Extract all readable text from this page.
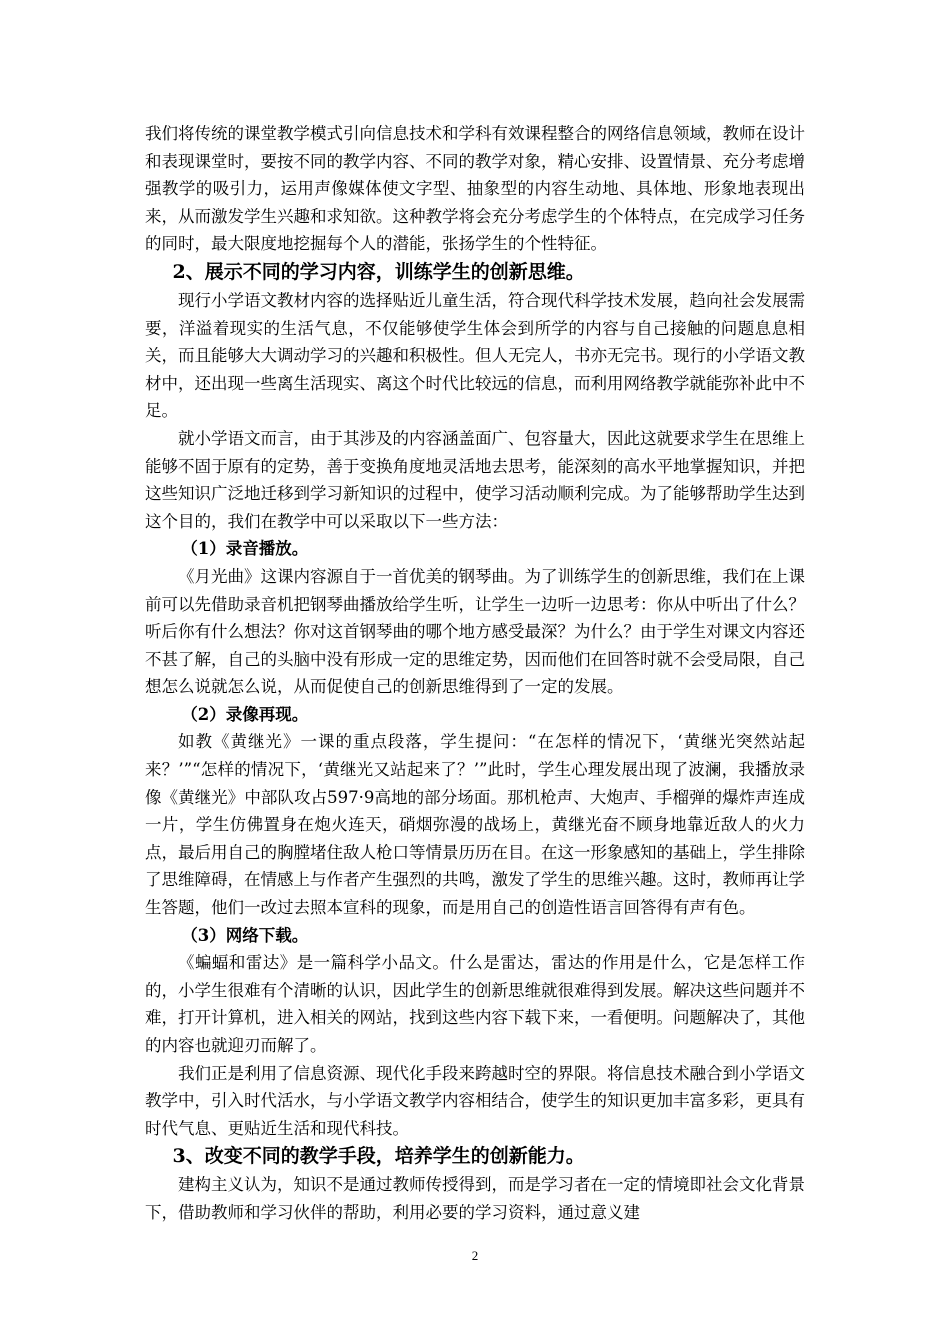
我们将传统的课堂教学模式引向信息技术和学科有效课程整合的网络信息领域，教师在设计和表现课堂时，要按不同的教学内容、不同的教学对象，精心安排、设置情景、充分考虑增强教学的吸引力，运用声像媒体使文字型、抽象型的内容生动地、具体地、形象地表现出来，从而激发学生兴趣和求知欲。这种教学将会充分考虑学生的个体特点，在完成学习任务的同时，最大限度地挖掘每个人的潜能，张扬学生的个性特征。

2、展示不同的学习内容，训练学生的创新思维。

现行小学语文教材内容的选择贴近儿童生活，符合现代科学技术发展，趋向社会发展需要，洋溢着现实的生活气息，不仅能够使学生体会到所学的内容与自己接触的问题息息相关，而且能够大大调动学习的兴趣和积极性。但人无完人，书亦无完书。现行的小学语文教材中，还出现一些离生活现实、离这个时代比较远的信息，而利用网络教学就能弥补此中不足。

就小学语文而言，由于其涉及的内容涵盖面广、包容量大，因此这就要求学生在思维上能够不固于原有的定势，善于变换角度地灵活地去思考，能深刻的高水平地掌握知识，并把这些知识广泛地迁移到学习新知识的过程中，使学习活动顺利完成。为了能够帮助学生达到这个目的，我们在教学中可以采取以下一些方法：

（1）录音播放。

《月光曲》这课内容源自于一首优美的钢琴曲。为了训练学生的创新思维，我们在上课前可以先借助录音机把钢琴曲播放给学生听，让学生一边听一边思考：你从中听出了什么？听后你有什么想法？你对这首钢琴曲的哪个地方感受最深？为什么？由于学生对课文内容还不甚了解，自己的头脑中没有形成一定的思维定势，因而他们在回答时就不会受局限，自己想怎么说就怎么说，从而促使自己的创新思维得到了一定的发展。

（2）录像再现。

如教《黄继光》一课的重点段落，学生提问：“在怎样的情况下，‘黄继光突然站起来？’”“怎样的情况下，‘黄继光又站起来了？’”此时，学生心理发展出现了波澜，我播放录像《黄继光》中部队攻占597·9高地的部分场面。那机枪声、大炮声、手榴弹的爆炸声连成一片，学生仿佛置身在炮火连天，硝烟弥漫的战场上，黄继光奋不顾身地靠近敌人的火力点，最后用自己的胸膛堵住敌人枪口等情景历历在目。在这一形象感知的基础上，学生排除了思维障碍，在情感上与作者产生强烈的共鸣，激发了学生的思维兴趣。这时，教师再让学生答题，他们一改过去照本宣科的现象，而是用自己的创造性语言回答得有声有色。

（3）网络下载。

《蝙蝠和雷达》是一篇科学小品文。什么是雷达，雷达的作用是什么，它是怎样工作的，小学生很难有个清晰的认识，因此学生的创新思维就很难得到发展。解决这些问题并不难，打开计算机，进入相关的网站，找到这些内容下载下来，一看便明。问题解决了，其他的内容也就迎刃而解了。

我们正是利用了信息资源、现代化手段来跨越时空的界限。将信息技术融合到小学语文教学中，引入时代活水，与小学语文教学内容相结合，使学生的知识更加丰富多彩，更具有时代气息、更贴近生活和现代科技。

3、改变不同的教学手段，培养学生的创新能力。

建构主义认为，知识不是通过教师传授得到，而是学习者在一定的情境即社会文化背景下，借助教师和学习伙伴的帮助，利用必要的学习资料，通过意义建

2
